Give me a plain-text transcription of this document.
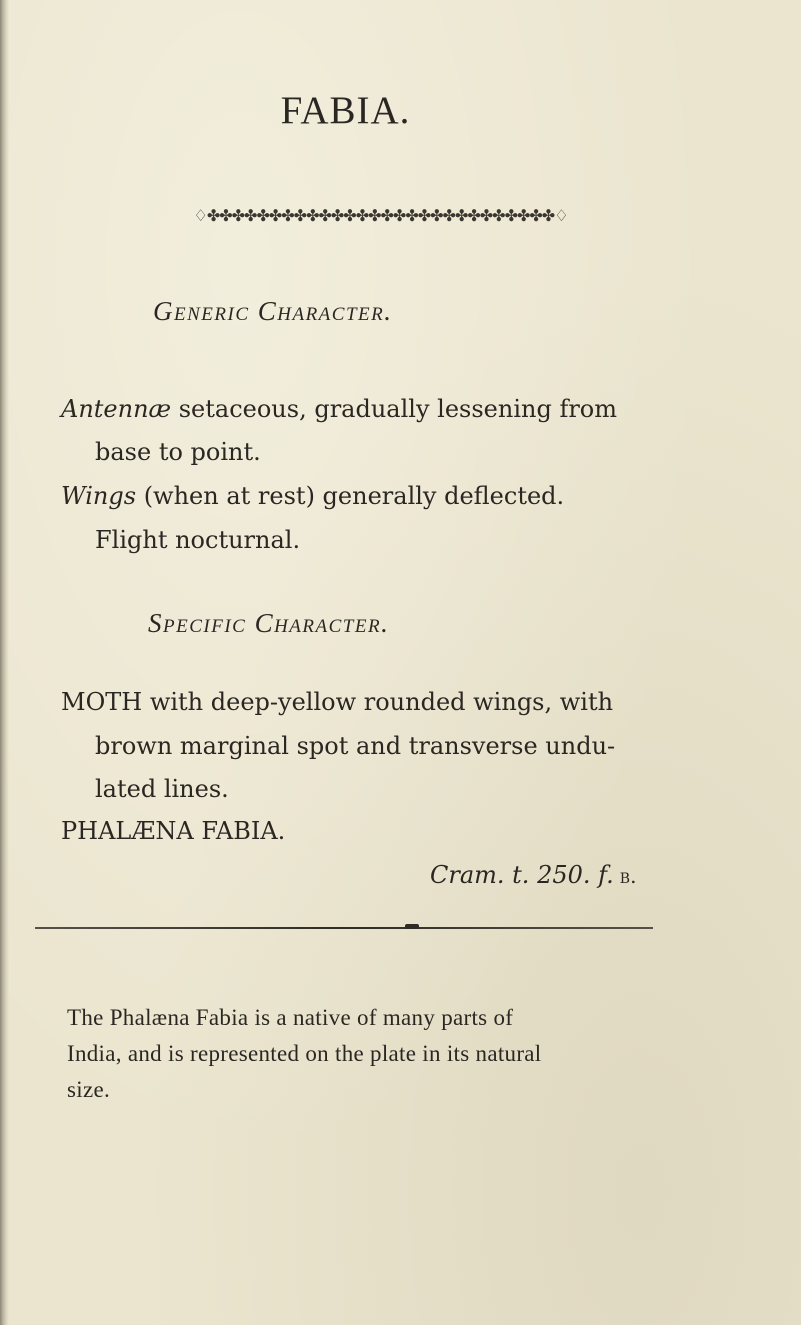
FABIA.
♢✤✤✤✤✤✤✤✤✤✤✤✤✤✤✤✤✤✤✤✤✤✤✤✤✤✤✤✤♢
Generic Character.

Antennæ setaceous, gradually lessening from

base to point.

Wings (when at rest) generally deflected.

Flight nocturnal.

Specific Character.

MOTH with deep-yellow rounded wings, with

brown marginal spot and transverse undu-

lated lines.

PHALÆNA FABIA.

Cram. t. 250. f. b.

The Phalæna Fabia is a native of many parts of

India, and is represented on the plate in its natural

size.
